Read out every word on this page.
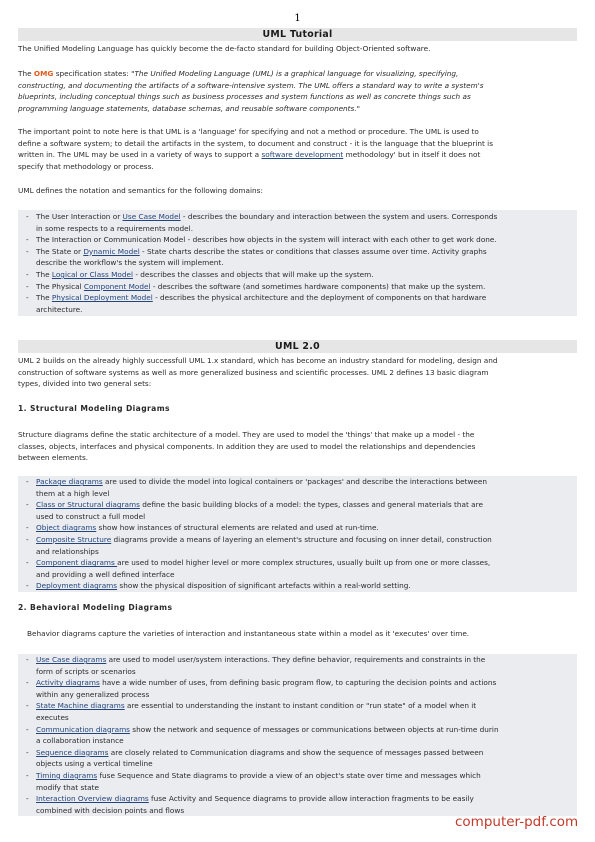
1
UML Tutorial

The Unified Modeling Language has quickly become the de-facto standard for building Object-Oriented software.

The OMG specification states: "The Unified Modeling Language (UML) is a graphical language for visualizing, specifying,
constructing, and documenting the artifacts of a software-intensive system. The UML offers a standard way to write a system's
blueprints, including conceptual things such as business processes and system functions as well as concrete things such as
programming language statements, database schemas, and reusable software components."
The important point to note here is that UML is a 'language' for specifying and not a method or procedure. The UML is used to
define a software system; to detail the artifacts in the system, to document and construct - it is the language that the blueprint is
written in. The UML may be used in a variety of ways to support a software development methodology' but in itself it does not
specify that methodology or process.

UML defines the notation and semantics for the following domains:

- The User Interaction or Use Case Model - describes the boundary and interaction between the system and users. Corresponds
in some respects to a requirements model.
- The Interaction or Communication Model - describes how objects in the system will interact with each other to get work done.
- The State or Dynamic Model - State charts describe the states or conditions that classes assume over time. Activity graphs
describe the workflow's the system will implement.
- The Logical or Class Model - describes the classes and objects that will make up the system.
- The Physical Component Model - describes the software (and sometimes hardware components) that make up the system.
- The Physical Deployment Model - describes the physical architecture and the deployment of components on that hardware
architecture.
UML 2.0
UML 2 builds on the already highly successfull UML 1.x standard, which has become an industry standard for modeling, design and
construction of software systems as well as more generalized business and scientific processes. UML 2 defines 13 basic diagram
types, divided into two general sets:
1. Structural Modeling Diagrams
Structure diagrams define the static architecture of a model. They are used to model the 'things' that make up a model - the
classes, objects, interfaces and physical components. In addition they are used to model the relationships and dependencies
between elements.
- Package diagrams are used to divide the model into logical containers or 'packages' and describe the interactions between
them at a high level
- Class or Structural diagrams define the basic building blocks of a model: the types, classes and general materials that are
used to construct a full model
- Object diagrams show how instances of structural elements are related and used at run-time.
- Composite Structure diagrams provide a means of layering an element's structure and focusing on inner detail, construction
and relationships
- Component diagrams are used to model higher level or more complex structures, usually built up from one or more classes,
and providing a well defined interface
- Deployment diagrams show the physical disposition of significant artefacts within a real-world setting.
2. Behavioral Modeling Diagrams

Behavior diagrams capture the varieties of interaction and instantaneous state within a model as it 'executes' over time.

- Use Case diagrams are used to model user/system interactions. They define behavior, requirements and constraints in the
form of scripts or scenarios
- Activity diagrams have a wide number of uses, from defining basic program flow, to capturing the decision points and actions
within any generalized process
- State Machine diagrams are essential to understanding the instant to instant condition or "run state" of a model when it
executes
- Communication diagrams show the network and sequence of messages or communications between objects at run-time durin
a collaboration instance
- Sequence diagrams are closely related to Communication diagrams and show the sequence of messages passed between
objects using a vertical timeline
- Timing diagrams fuse Sequence and State diagrams to provide a view of an object's state over time and messages which
modify that state
- Interaction Overview diagrams fuse Activity and Sequence diagrams to provide allow interaction fragments to be easily
combined with decision points and flows
computer-pdf.com
